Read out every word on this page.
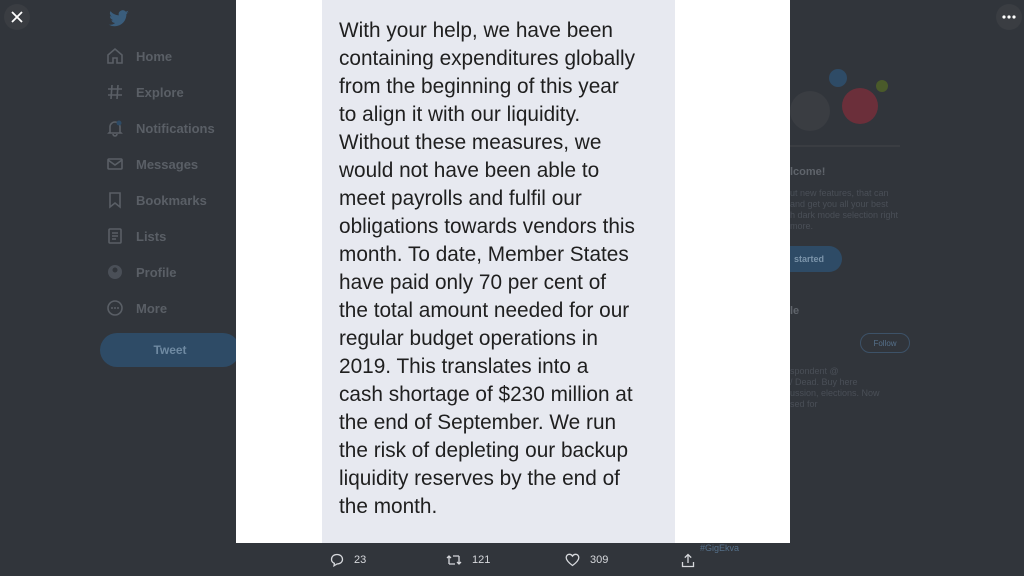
Home
Explore
Notifications
Messages
Bookmarks
Lists
Profile
More
Tweet
lcome!
ut new features, that can
and get you all your best
h dark mode selection right
more.
started
le
Follow
spondent @
/ Dead. Buy here
ussion, elections. Now
sed for
With your help, we have been
containing expenditures globally
from the beginning of this year
to align it with our liquidity.
Without these measures, we
would not have been able to
meet payrolls and fulfil our
obligations towards vendors this
month. To date, Member States
have paid only 70 per cent of
the total amount needed for our
regular budget operations in
2019. This translates into a
cash shortage of $230 million at
the end of September. We run
the risk of depleting our backup
liquidity reserves by the end of
the month.
#GigEkva
23	121	309
